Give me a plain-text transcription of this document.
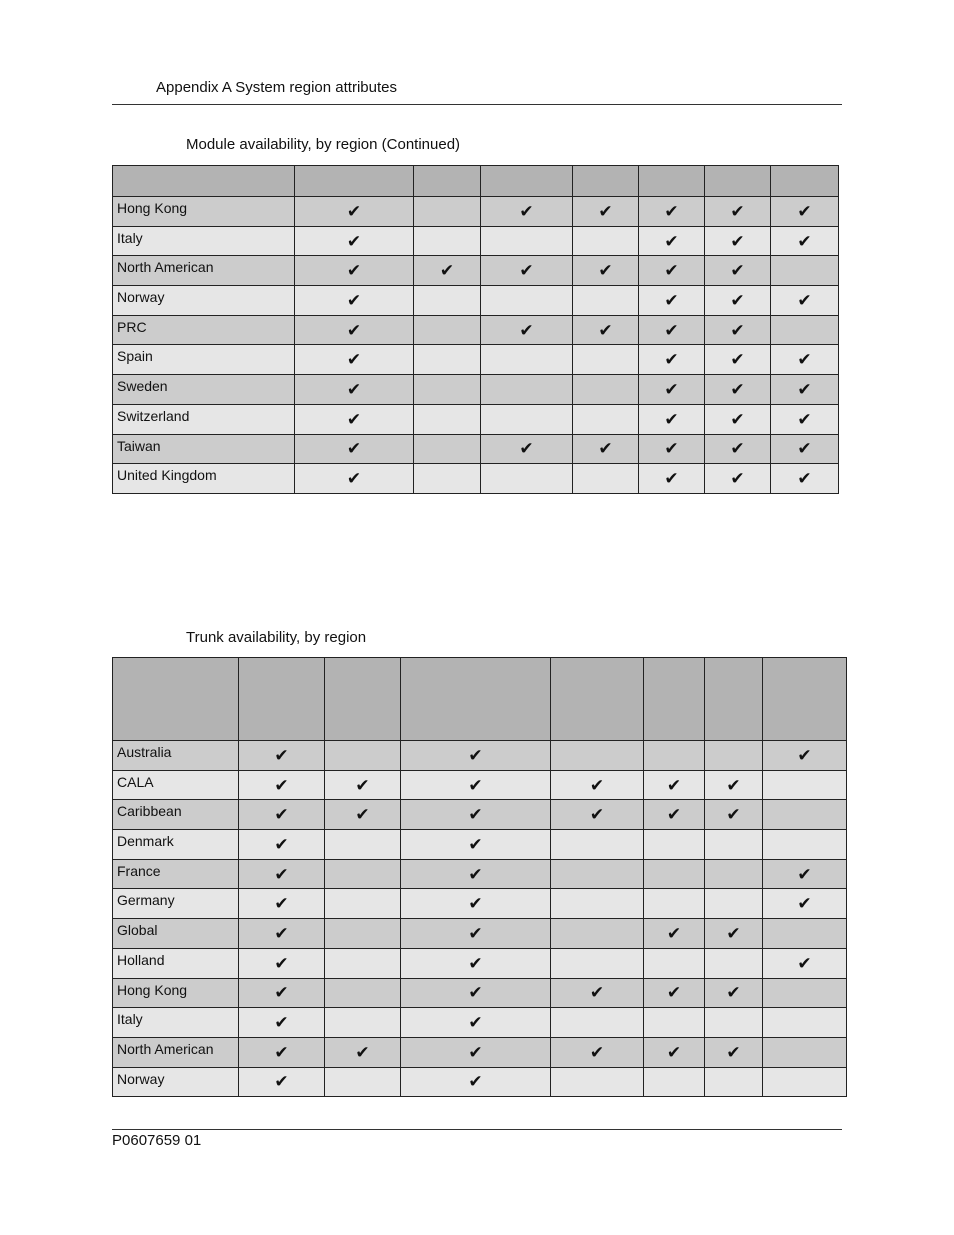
Appendix A System region attributes
Module availability, by region (Continued)

Hong Kong	✔		✔	✔	✔	✔	✔
Italy	✔				✔	✔	✔
North American	✔	✔	✔	✔	✔	✔	
Norway	✔				✔	✔	✔
PRC	✔		✔	✔	✔	✔	
Spain	✔				✔	✔	✔
Sweden	✔				✔	✔	✔
Switzerland	✔				✔	✔	✔
Taiwan	✔		✔	✔	✔	✔	✔
United Kingdom	✔				✔	✔	✔
Trunk availability, by region

Australia	✔		✔				✔
CALA	✔	✔	✔	✔	✔	✔	
Caribbean	✔	✔	✔	✔	✔	✔	
Denmark	✔		✔				
France	✔		✔				✔
Germany	✔		✔				✔
Global	✔		✔		✔	✔	
Holland	✔		✔				✔
Hong Kong	✔		✔	✔	✔	✔	
Italy	✔		✔				
North American	✔	✔	✔	✔	✔	✔	
Norway	✔		✔				
P0607659 01
